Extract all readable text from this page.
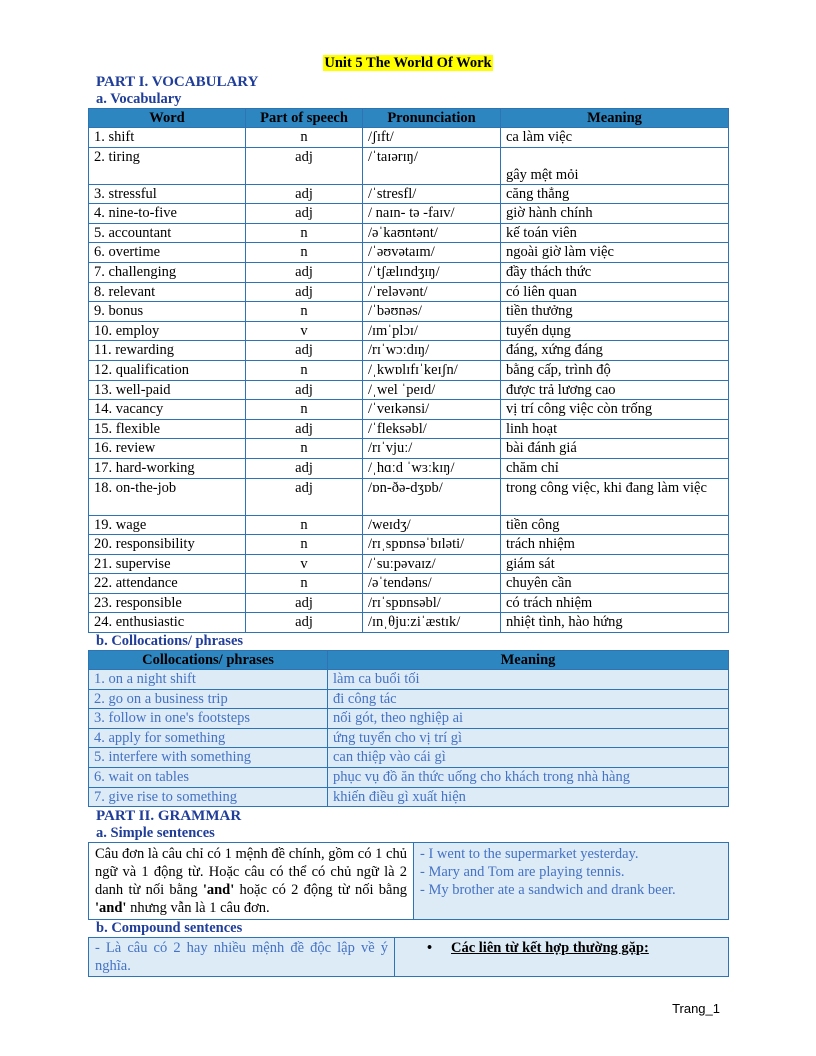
Unit 5 The World Of Work
PART I. VOCABULARY
a. Vocabulary
Word	Part of speech	Pronunciation	Meaning
1. shift	n	/ʃɪft/	ca làm việc
2. tiring	adj	/ˈtaɪərɪŋ/	gây mệt mỏi
3. stressful	adj	/ˈstresfl/	căng thẳng
4. nine-to-five	adj	/ naɪn- tə -faɪv/	giờ hành chính
5. accountant	n	/əˈkaʊntənt/	kế toán viên
6. overtime	n	/ˈəʊvətaɪm/	ngoài giờ làm việc
7. challenging	adj	/ˈtʃælɪndʒɪŋ/	đầy thách thức
8. relevant	adj	/ˈreləvənt/	có liên quan
9. bonus	n	/ˈbəʊnəs/	tiền thưởng
10. employ	v	/ɪmˈplɔɪ/	tuyển dụng
11. rewarding	adj	/rɪˈwɔːdɪŋ/	đáng, xứng đáng
12. qualification	n	/ˌkwɒlɪfɪˈkeɪʃn/	bằng cấp, trình độ
13. well-paid	adj	/ˌwel ˈpeɪd/	được trả lương cao
14. vacancy	n	/ˈveɪkənsi/	vị trí công việc còn trống
15. flexible	adj	/ˈfleksəbl/	linh hoạt
16. review	n	/rɪˈvjuː/	bài đánh giá
17. hard-working	adj	/ˌhɑːd ˈwɜːkɪŋ/	chăm chỉ
18. on-the-job	adj	/ɒn-ðə-dʒɒb/	trong công việc, khi đang làm việc
19. wage	n	/weɪdʒ/	tiền công
20. responsibility	n	/rɪˌspɒnsəˈbɪləti/	trách nhiệm
21. supervise	v	/ˈsuːpəvaɪz/	giám sát
22. attendance	n	/əˈtendəns/	chuyên cần
23. responsible	adj	/rɪˈspɒnsəbl/	có trách nhiệm
24. enthusiastic	adj	/ɪnˌθjuːziˈæstɪk/	nhiệt tình, hào hứng
b. Collocations/ phrases
Collocations/ phrases	Meaning
1. on a night shift	làm ca buổi tối
2. go on a business trip	đi công tác
3. follow in one's footsteps	nối gót, theo nghiệp ai
4. apply for something	ứng tuyển cho vị trí gì
5. interfere with something	can thiệp vào cái gì
6. wait on tables	phục vụ đồ ăn thức uống cho khách trong nhà hàng
7. give rise to something	khiến điều gì xuất hiện
PART II. GRAMMAR
a. Simple sentences
Câu đơn là câu chỉ có 1 mệnh đề chính, gồm có 1 chủ ngữ và 1 động từ. Hoặc câu có thể có chủ ngữ là 2 danh từ nối bằng 'and' hoặc có 2 động từ nối bằng 'and' nhưng vẫn là 1 câu đơn.	
- I went to the supermarket yesterday.
- Mary and Tom are playing tennis.
- My brother ate a sandwich and drank beer.
b. Compound sentences
- Là câu có 2 hay nhiều mệnh đề độc lập về ý nghĩa.	
•	Các liên từ kết hợp thường gặp:
Trang_1
